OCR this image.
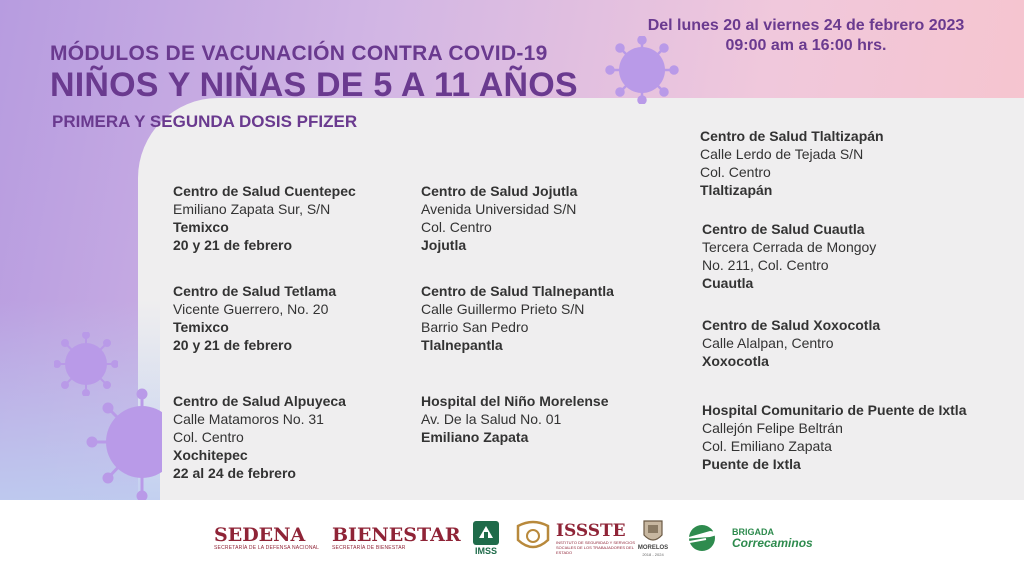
MÓDULOS DE VACUNACIÓN CONTRA COVID-19
NIÑOS Y NIÑAS DE 5 A 11 AÑOS
PRIMERA Y SEGUNDA DOSIS PFIZER
Del lunes 20 al viernes 24 de febrero 2023
09:00 am a 16:00 hrs.
Centro de Salud Cuentepec
Emiliano Zapata Sur, S/N
Temixco
20 y 21 de febrero
Centro de Salud Tetlama
Vicente Guerrero, No. 20
Temixco
20 y 21 de febrero
Centro de Salud Alpuyeca
Calle Matamoros No. 31
Col. Centro
Xochitepec
22 al 24 de febrero
Centro de Salud Jojutla
Avenida Universidad S/N
Col. Centro
Jojutla
Centro de Salud Tlalnepantla
Calle Guillermo Prieto S/N
Barrio San Pedro
Tlalnepantla
Hospital del Niño Morelense
Av. De la Salud No. 01
Emiliano Zapata
Centro de Salud Tlaltizapán
Calle Lerdo de Tejada S/N
Col. Centro
Tlaltizapán
Centro de Salud Cuautla
Tercera Cerrada de Mongoy
No. 211, Col. Centro
Cuautla
Centro de Salud Xoxocotla
Calle Alalpan, Centro
Xoxocotla
Hospital Comunitario de Puente de Ixtla
Callejón Felipe Beltrán
Col. Emiliano Zapata
Puente de Ixtla
SEDENA
SECRETARÍA DE LA DEFENSA NACIONAL
BIENESTAR
SECRETARÍA DE BIENESTAR	IMSS
ISSSTE
INSTITUTO DE SEGURIDAD Y SERVICIOS SOCIALES DE LOS TRABAJADORES DEL ESTADO
MORELOS
2018 - 2024
BRIGADA
Correcaminos
